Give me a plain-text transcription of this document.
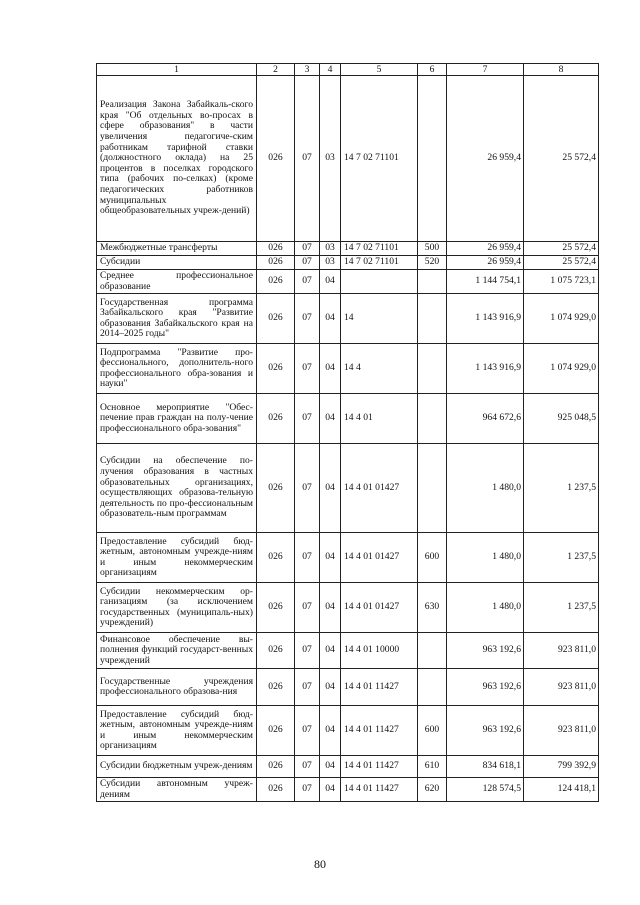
1	2	3	4	5	6	7	8
Реализация Закона Забайкаль-ского края "Об отдельных во-просах в сфере образования" в части увеличения педагогиче-ским работникам тарифной ставки (должностного оклада) на 25 процентов в поселках городского типа (рабочих по-селках) (кроме педагогических работников муниципальных общеобразовательных учреж-дений)	026	07	03	14 7 02 71101		26 959,4	25 572,4
Межбюджетные трансферты	026	07	03	14 7 02 71101	500	26 959,4	25 572,4
Субсидии	026	07	03	14 7 02 71101	520	26 959,4	25 572,4
Среднее профессиональное образование	026	07	04			1 144 754,1	1 075 723,1
Государственная программа Забайкальского края "Развитие образования Забайкальского края на 2014–2025 годы"	026	07	04	14		1 143 916,9	1 074 929,0
Подпрограмма "Развитие про-фессионального, дополнитель-ного профессионального обра-зования и науки"	026	07	04	14 4		1 143 916,9	1 074 929,0
Основное мероприятие "Обес-печение прав граждан на полу-чение профессионального обра-зования"	026	07	04	14 4 01		964 672,6	925 048,5
Субсидии на обеспечение по-лучения образования в частных образовательных организациях, осуществляющих образова-тельную деятельность по про-фессиональным образователь-ным программам	026	07	04	14 4 01 01427		1 480,0	1 237,5
Предоставление субсидий бюд-жетным, автономным учрежде-ниям и иным некоммерческим организациям	026	07	04	14 4 01 01427	600	1 480,0	1 237,5
Субсидии некоммерческим ор-ганизациям (за исключением государственных (муниципаль-ных) учреждений)	026	07	04	14 4 01 01427	630	1 480,0	1 237,5
Финансовое обеспечение вы-полнения функций государст-венных учреждений	026	07	04	14 4 01 10000		963 192,6	923 811,0
Государственные учреждения профессионального образова-ния	026	07	04	14 4 01 11427		963 192,6	923 811,0
Предоставление субсидий бюд-жетным, автономным учрежде-ниям и иным некоммерческим организациям	026	07	04	14 4 01 11427	600	963 192,6	923 811,0
Субсидии бюджетным учреж-дениям	026	07	04	14 4 01 11427	610	834 618,1	799 392,9
Субсидии автономным учреж-дениям	026	07	04	14 4 01 11427	620	128 574,5	124 418,1
80
